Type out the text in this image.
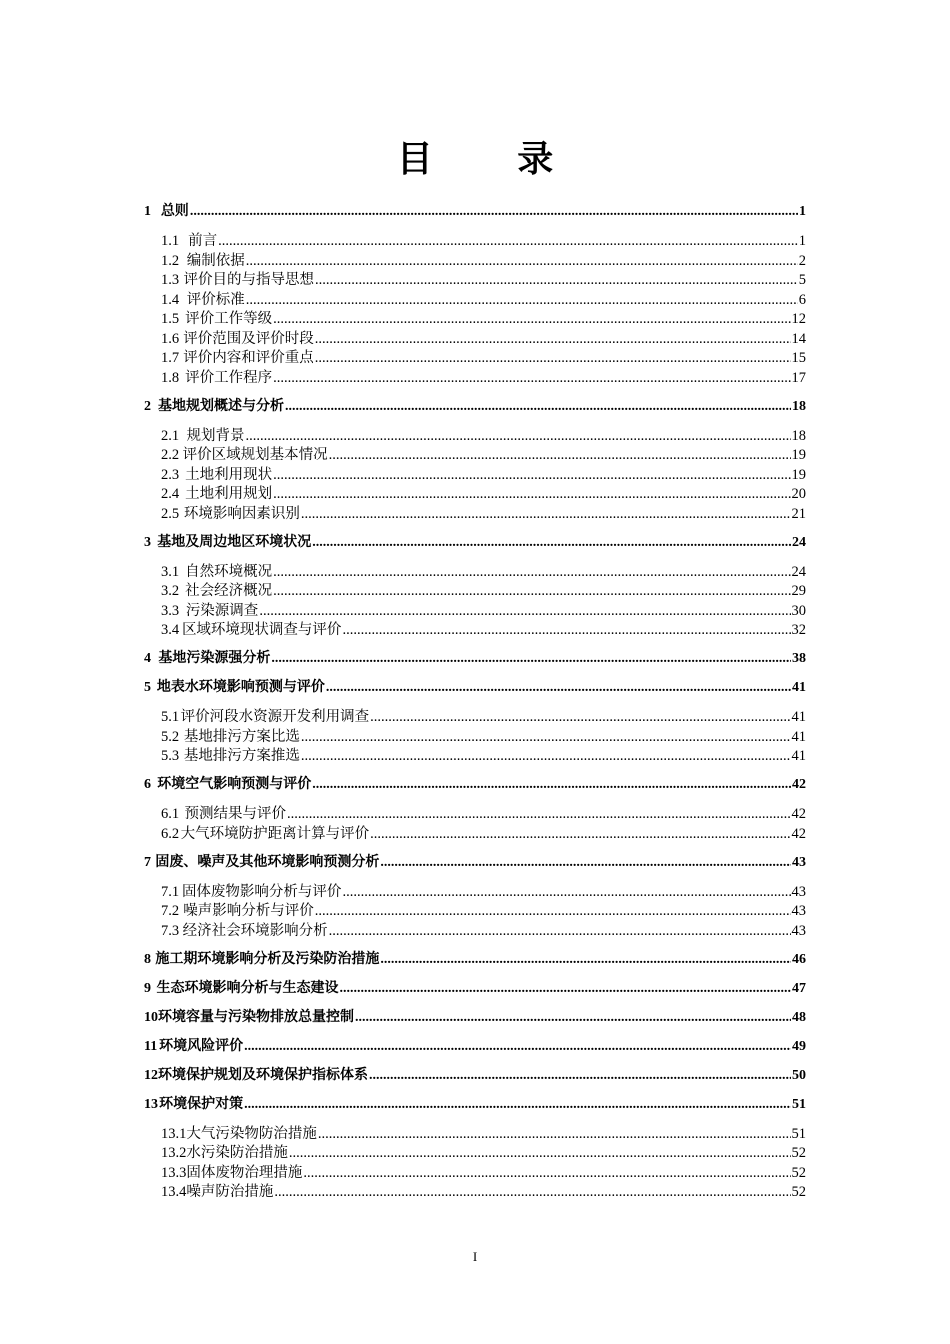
目 录
1 总则 .....	1
1.1 前言 .....	1
1.2 编制依据 .....	2
1.3 评价目的与指导思想 .....	5
1.4 评价标准 .....	6
1.5 评价工作等级 .....	12
1.6 评价范围及评价时段 .....	14
1.7 评价内容和评价重点 .....	15
1.8 评价工作程序 .....	17
2 基地规划概述与分析 .....	18
2.1 规划背景 .....	18
2.2 评价区域规划基本情况 .....	19
2.3 土地利用现状 .....	19
2.4 土地利用规划 .....	20
2.5 环境影响因素识别 .....	21
3 基地及周边地区环境状况 .....	24
3.1 自然环境概况 .....	24
3.2 社会经济概况 .....	29
3.3 污染源调查 .....	30
3.4 区域环境现状调查与评价 .....	32
4 基地污染源强分析 .....	38
5 地表水环境影响预测与评价 .....	41
5.1 评价河段水资源开发利用调查 .....	41
5.2 基地排污方案比选 .....	41
5.3 基地排污方案推选 .....	41
6 环境空气影响预测与评价 .....	42
6.1 预测结果与评价 .....	42
6.2 大气环境防护距离计算与评价 .....	42
7 固废、噪声及其他环境影响预测分析 .....	43
7.1 固体废物影响分析与评价 .....	43
7.2 噪声影响分析与评价 .....	43
7.3 经济社会环境影响分析 .....	43
8 施工期环境影响分析及污染防治措施 .....	46
9 生态环境影响分析与生态建设 .....	47
10 环境容量与污染物排放总量控制 .....	48
11 环境风险评价 .....	49
12 环境保护规划及环境保护指标体系 .....	50
13 环境保护对策 .....	51
13.1 大气污染物防治措施 .....	51
13.2 水污染防治措施 .....	52
13.3 固体废物治理措施 .....	52
13.4 噪声防治措施 .....	52
I
